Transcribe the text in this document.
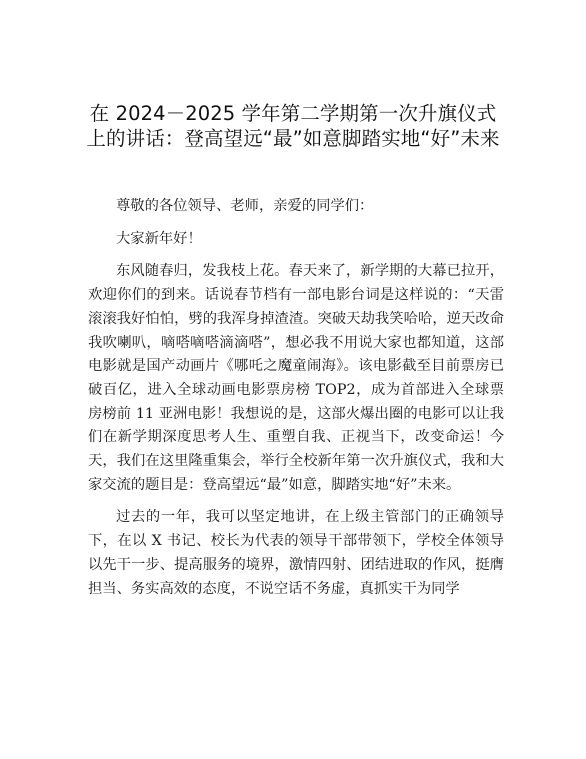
在 2024－2025 学年第二学期第一次升旗仪式上的讲话：登高望远“最”如意脚踏实地“好”未来

尊敬的各位领导、老师，亲爱的同学们：

大家新年好！

东风随春归，发我枝上花。春天来了，新学期的大幕已拉开，欢迎你们的到来。话说春节档有一部电影台词是这样说的：“天雷滚滚我好怕怕，劈的我浑身掉渣渣。突破天劫我笑哈哈，逆天改命我吹喇叭，嘀嗒嘀嗒滴滴嗒”，想必我不用说大家也都知道，这部电影就是国产动画片《哪吒之魔童闹海》。该电影截至目前票房已破百亿，进入全球动画电影票房榜 TOP2，成为首部进入全球票房榜前 11 亚洲电影！我想说的是，这部火爆出圈的电影可以让我们在新学期深度思考人生、重塑自我、正视当下，改变命运！今天，我们在这里隆重集会，举行全校新年第一次升旗仪式，我和大家交流的题目是：登高望远“最”如意，脚踏实地“好”未来。

过去的一年，我可以坚定地讲，在上级主管部门的正确领导下，在以 X 书记、校长为代表的领导干部带领下，学校全体领导以先干一步、提高服务的境界，激情四射、团结进取的作风，挺膺担当、务实高效的态度，不说空话不务虚，真抓实干为同学
